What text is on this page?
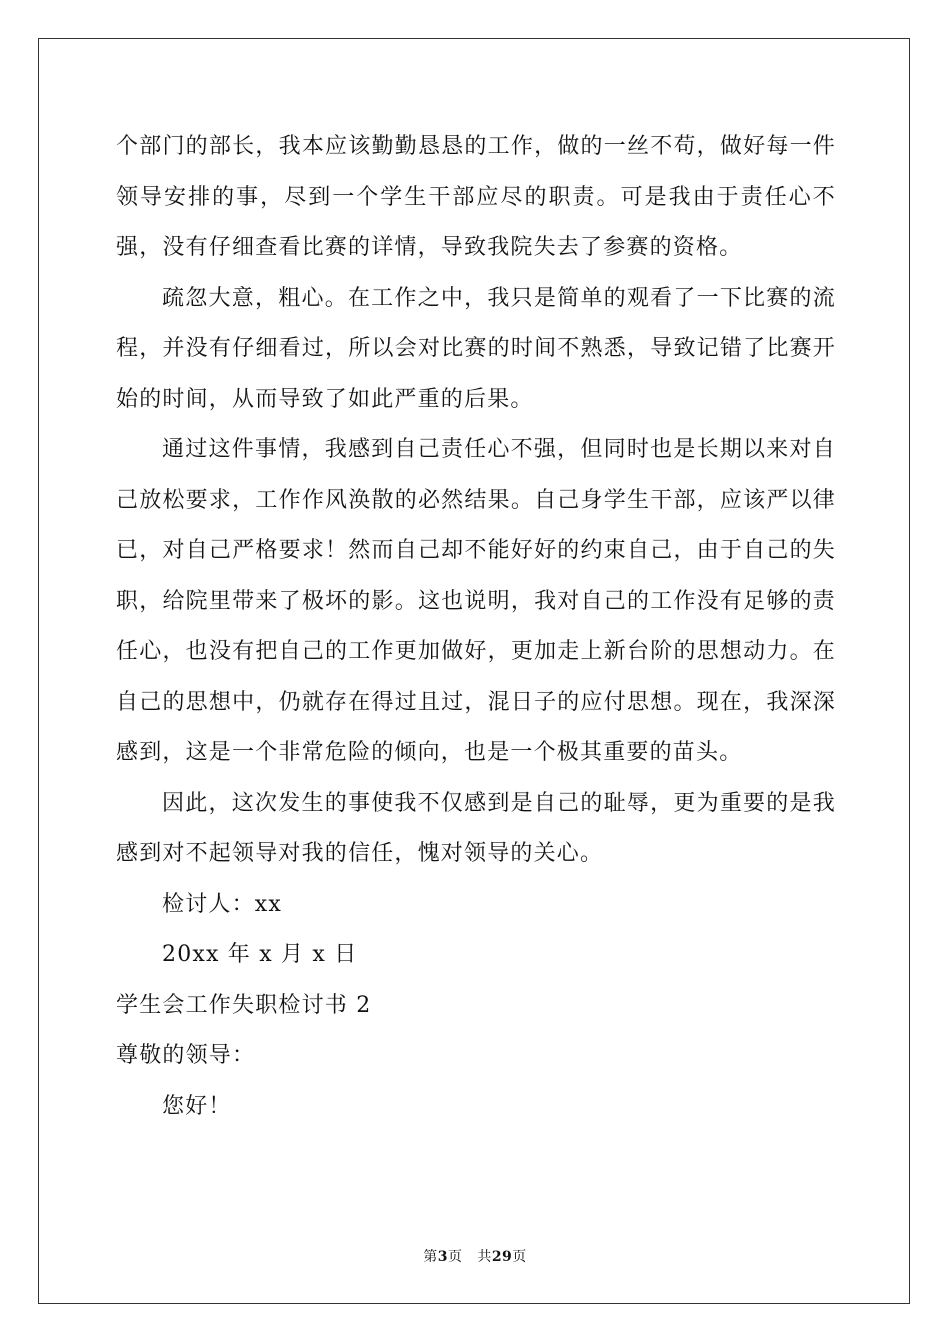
个部门的部长，我本应该勤勤恳恳的工作，做的一丝不苟，做好每一件领导安排的事，尽到一个学生干部应尽的职责。可是我由于责任心不强，没有仔细查看比赛的详情，导致我院失去了参赛的资格。

疏忽大意，粗心。在工作之中，我只是简单的观看了一下比赛的流程，并没有仔细看过，所以会对比赛的时间不熟悉，导致记错了比赛开始的时间，从而导致了如此严重的后果。

通过这件事情，我感到自己责任心不强，但同时也是长期以来对自己放松要求，工作作风涣散的必然结果。自己身学生干部，应该严以律已，对自己严格要求！然而自己却不能好好的约束自己，由于自己的失职，给院里带来了极坏的影。这也说明，我对自己的工作没有足够的责任心，也没有把自己的工作更加做好，更加走上新台阶的思想动力。在自己的思想中，仍就存在得过且过，混日子的应付思想。现在，我深深感到，这是一个非常危险的倾向，也是一个极其重要的苗头。

因此，这次发生的事使我不仅感到是自己的耻辱，更为重要的是我感到对不起领导对我的信任，愧对领导的关心。

检讨人：xx

20xx 年 x 月 x 日

学生会工作失职检讨书 2

尊敬的领导：

您好！

第3页 共29页
